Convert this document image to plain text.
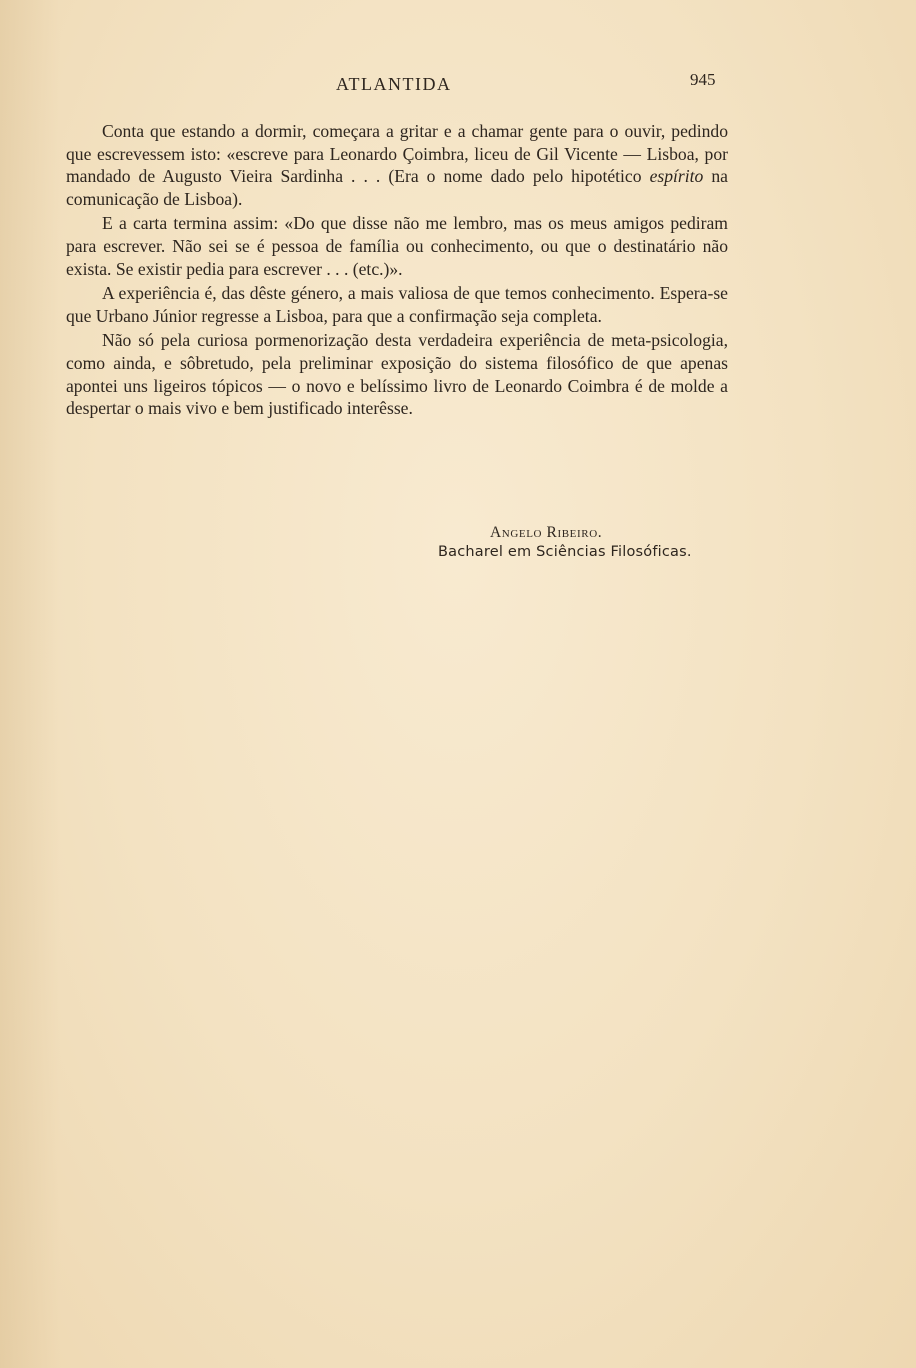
ATLANTIDA	945

Conta que estando a dormir, começara a gritar e a chamar gente para o ouvir, pedindo que escrevessem isto: «escreve para Leonardo Çoimbra, liceu de Gil Vicente — Lisboa, por mandado de Augusto Vieira Sardinha . . . (Era o nome dado pelo hipotético espírito na comunicação de Lisboa).

E a carta termina assim: «Do que disse não me lembro, mas os meus amigos pediram para escrever. Não sei se é pessoa de família ou conhecimento, ou que o destinatário não exista. Se existir pedia para escrever . . . (etc.)».

A experiência é, das dêste género, a mais valiosa de que temos conhecimento. Espera-se que Urbano Júnior regresse a Lisboa, para que a confirmação seja completa.

Não só pela curiosa pormenorização desta verdadeira experiência de meta-psicologia, como ainda, e sôbretudo, pela preliminar exposição do sistema filosófico de que apenas apontei uns ligeiros tópicos — o novo e belíssimo livro de Leonardo Coimbra é de molde a despertar o mais vivo e bem justificado interêsse.

Angelo Ribeiro.
Bacharel em Sciências Filosóficas.
